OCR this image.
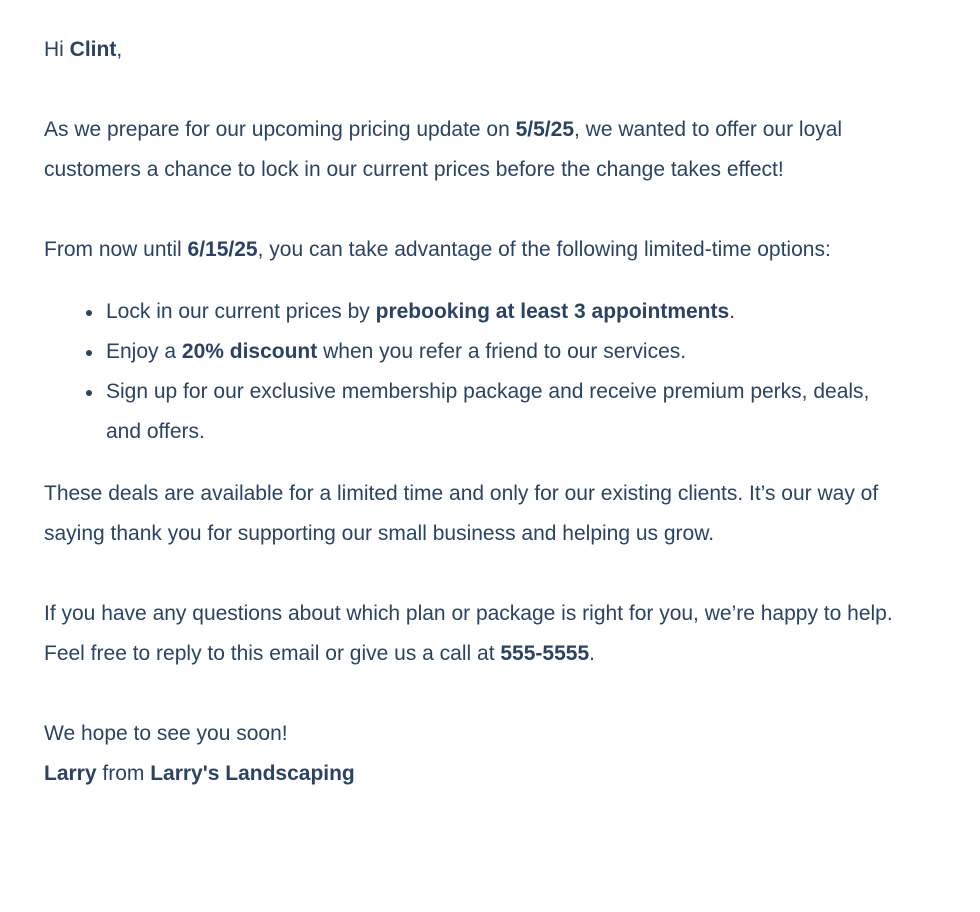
Hi Clint,

As we prepare for our upcoming pricing update on 5/5/25, we wanted to offer our loyal customers a chance to lock in our current prices before the change takes effect!

From now until 6/15/25, you can take advantage of the following limited-time options:

Lock in our current prices by prebooking at least 3 appointments.
Enjoy a 20% discount when you refer a friend to our services.
Sign up for our exclusive membership package and receive premium perks, deals, and offers.

These deals are available for a limited time and only for our existing clients. It’s our way of saying thank you for supporting our small business and helping us grow.

If you have any questions about which plan or package is right for you, we’re happy to help. Feel free to reply to this email or give us a call at 555-5555.

We hope to see you soon!

Larry from Larry's Landscaping
